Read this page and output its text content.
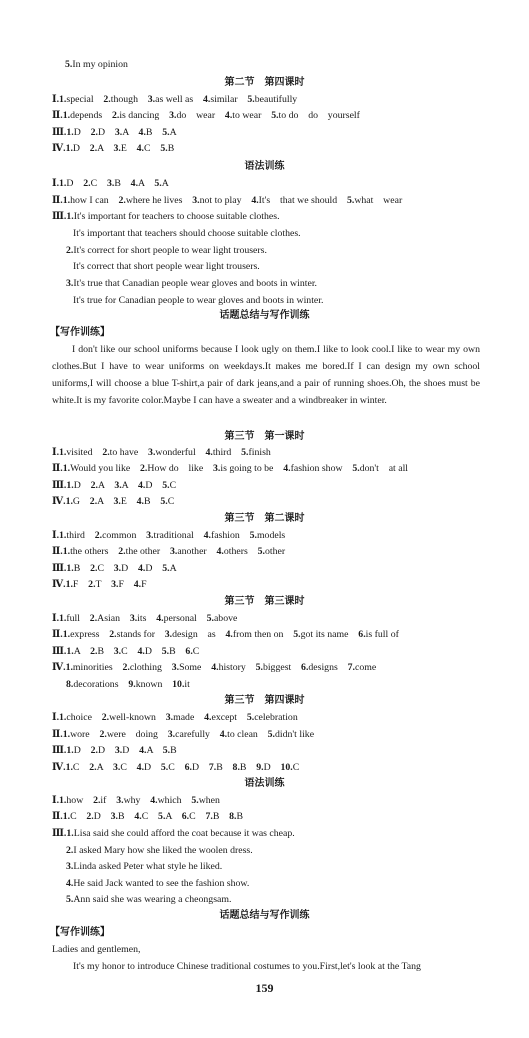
5.In my opinion
第二节　第四课时
Ⅰ.1.special　2.though　3.as well as　4.similar　5.beautifully
Ⅱ.1.depends　2.is dancing　3.do　wear　4.to wear　5.to do　do　yourself
Ⅲ.1.D　2.D　3.A　4.B　5.A
Ⅳ.1.D　2.A　3.E　4.C　5.B
语法训练
Ⅰ.1.D　2.C　3.B　4.A　5.A
Ⅱ.1.how I can　2.where he lives　3.not to play　4.It's　that we should　5.what　wear
Ⅲ.1.It's important for teachers to choose suitable clothes.
It's important that teachers should choose suitable clothes.
2.It's correct for short people to wear light trousers.
It's correct that short people wear light trousers.
3.It's true that Canadian people wear gloves and boots in winter.
It's true for Canadian people to wear gloves and boots in winter.
话题总结与写作训练
【写作训练】
I don't like our school uniforms because I look ugly on them.I like to look cool.I like to wear my own clothes.But I have to wear uniforms on weekdays.It makes me bored.If I can design my own school uniforms,I will choose a blue T-shirt,a pair of dark jeans,and a pair of running shoes.Oh, the shoes must be white.It is my favorite color.Maybe I can have a sweater and a windbreaker in winter.
第三节　第一课时
Ⅰ.1.visited　2.to have　3.wonderful　4.third　5.finish
Ⅱ.1.Would you like　2.How do　like　3.is going to be　4.fashion show　5.don't　at all
Ⅲ.1.D　2.A　3.A　4.D　5.C
Ⅳ.1.G　2.A　3.E　4.B　5.C
第三节　第二课时
Ⅰ.1.third　2.common　3.traditional　4.fashion　5.models
Ⅱ.1.the others　2.the other　3.another　4.others　5.other
Ⅲ.1.B　2.C　3.D　4.D　5.A
Ⅳ.1.F　2.T　3.F　4.F
第三节　第三课时
Ⅰ.1.full　2.Asian　3.its　4.personal　5.above
Ⅱ.1.express　2.stands for　3.design　as　4.from then on　5.got its name　6.is full of
Ⅲ.1.A　2.B　3.C　4.D　5.B　6.C
Ⅳ.1.minorities　2.clothing　3.Some　4.history　5.biggest　6.designs　7.come
8.decorations　9.known　10.it
第三节　第四课时
Ⅰ.1.choice　2.well-known　3.made　4.except　5.celebration
Ⅱ.1.wore　2.were　doing　3.carefully　4.to clean　5.didn't like
Ⅲ.1.D　2.D　3.D　4.A　5.B
Ⅳ.1.C　2.A　3.C　4.D　5.C　6.D　7.B　8.B　9.D　10.C
语法训练
Ⅰ.1.how　2.if　3.why　4.which　5.when
Ⅱ.1.C　2.D　3.B　4.C　5.A　6.C　7.B　8.B
Ⅲ.1.Lisa said she could afford the coat because it was cheap.
2.I asked Mary how she liked the woolen dress.
3.Linda asked Peter what style he liked.
4.He said Jack wanted to see the fashion show.
5.Ann said she was wearing a cheongsam.
话题总结与写作训练
【写作训练】
Ladies and gentlemen,
It's my honor to introduce Chinese traditional costumes to you.First,let's look at the Tang
159
